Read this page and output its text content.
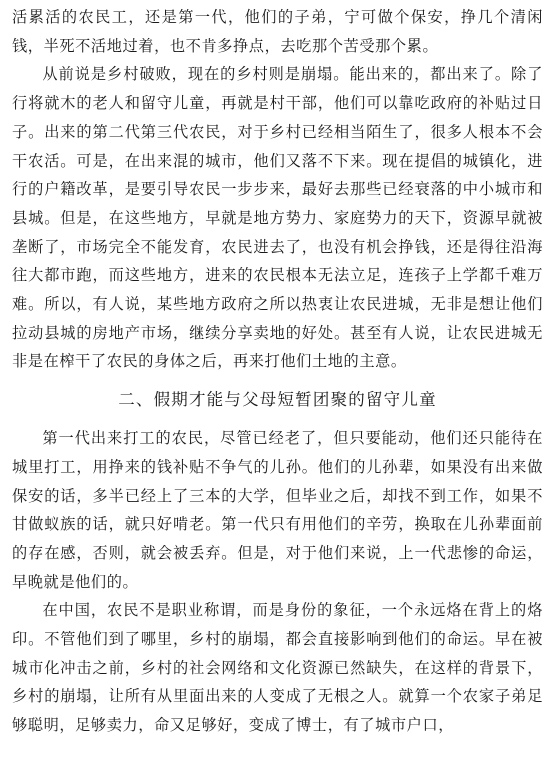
活累活的农民工，还是第一代，他们的子弟，宁可做个保安，挣几个清闲钱，半死不活地过着，也不肯多挣点，去吃那个苦受那个累。

从前说是乡村破败，现在的乡村则是崩塌。能出来的，都出来了。除了行将就木的老人和留守儿童，再就是村干部，他们可以靠吃政府的补贴过日子。出来的第二代第三代农民，对于乡村已经相当陌生了，很多人根本不会干农活。可是，在出来混的城市，他们又落不下来。现在提倡的城镇化，进行的户籍改革，是要引导农民一步步来，最好去那些已经衰落的中小城市和县城。但是，在这些地方，早就是地方势力、家庭势力的天下，资源早就被垄断了，市场完全不能发育，农民进去了，也没有机会挣钱，还是得往沿海往大都市跑，而这些地方，进来的农民根本无法立足，连孩子上学都千难万难。所以，有人说，某些地方政府之所以热衷让农民进城，无非是想让他们拉动县城的房地产市场，继续分享卖地的好处。甚至有人说，让农民进城无非是在榨干了农民的身体之后，再来打他们土地的主意。

二、假期才能与父母短暂团聚的留守儿童

第一代出来打工的农民，尽管已经老了，但只要能动，他们还只能待在城里打工，用挣来的钱补贴不争气的儿孙。他们的儿孙辈，如果没有出来做保安的话，多半已经上了三本的大学，但毕业之后，却找不到工作，如果不甘做蚁族的话，就只好啃老。第一代只有用他们的辛劳，换取在儿孙辈面前的存在感，否则，就会被丢弃。但是，对于他们来说，上一代悲惨的命运，早晚就是他们的。

在中国，农民不是职业称谓，而是身份的象征，一个永远烙在背上的烙印。不管他们到了哪里，乡村的崩塌，都会直接影响到他们的命运。早在被城市化冲击之前，乡村的社会网络和文化资源已然缺失，在这样的背景下，乡村的崩塌，让所有从里面出来的人变成了无根之人。就算一个农家子弟足够聪明，足够卖力，命又足够好，变成了博士，有了城市户口，
